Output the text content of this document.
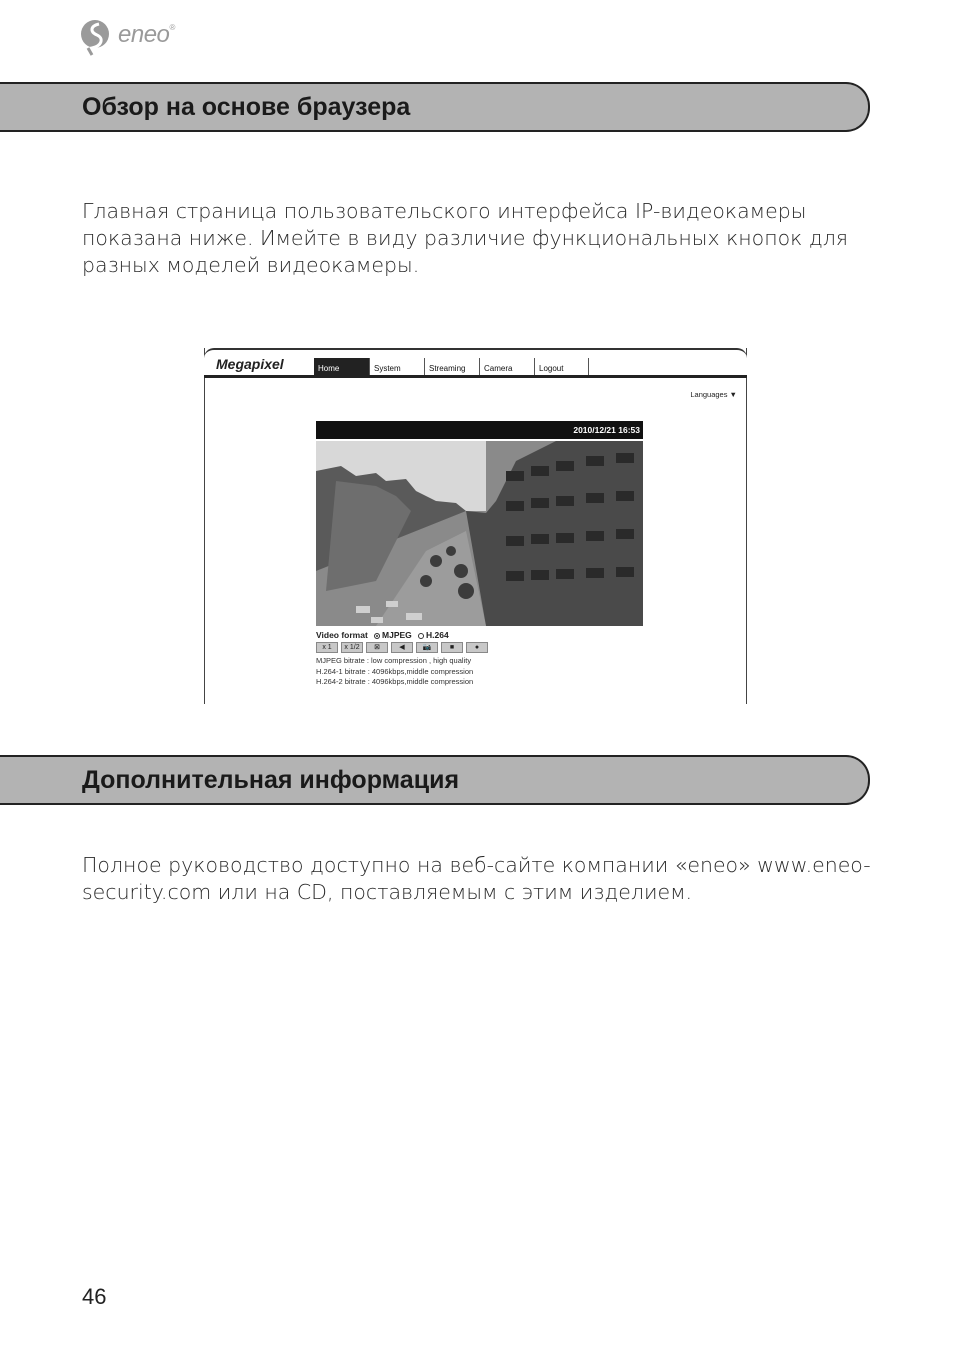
eneo®
Обзор на основе браузера

Главная страница пользовательского интерфейса IP-видеокамеры
показана ниже. Имейте в виду различие функциональных кнопок для
разных моделей видеокамеры.

Megapixel	Home	System	Streaming	Camera	Logout
Languages ▼
2010/12/21 16:53
Video format MJPEG H.264
x 1	x 1/2	⊠	◀	📷	■	●
MJPEG bitrate : low compression , high quality
H.264-1 bitrate : 4096kbps,middle compression
H.264-2 bitrate : 4096kbps,middle compression
Дополнительная информация

Полное руководство доступно на веб-сайте компании «eneo» www.eneo-
security.com или на CD, поставляемым с этим изделием.

46
